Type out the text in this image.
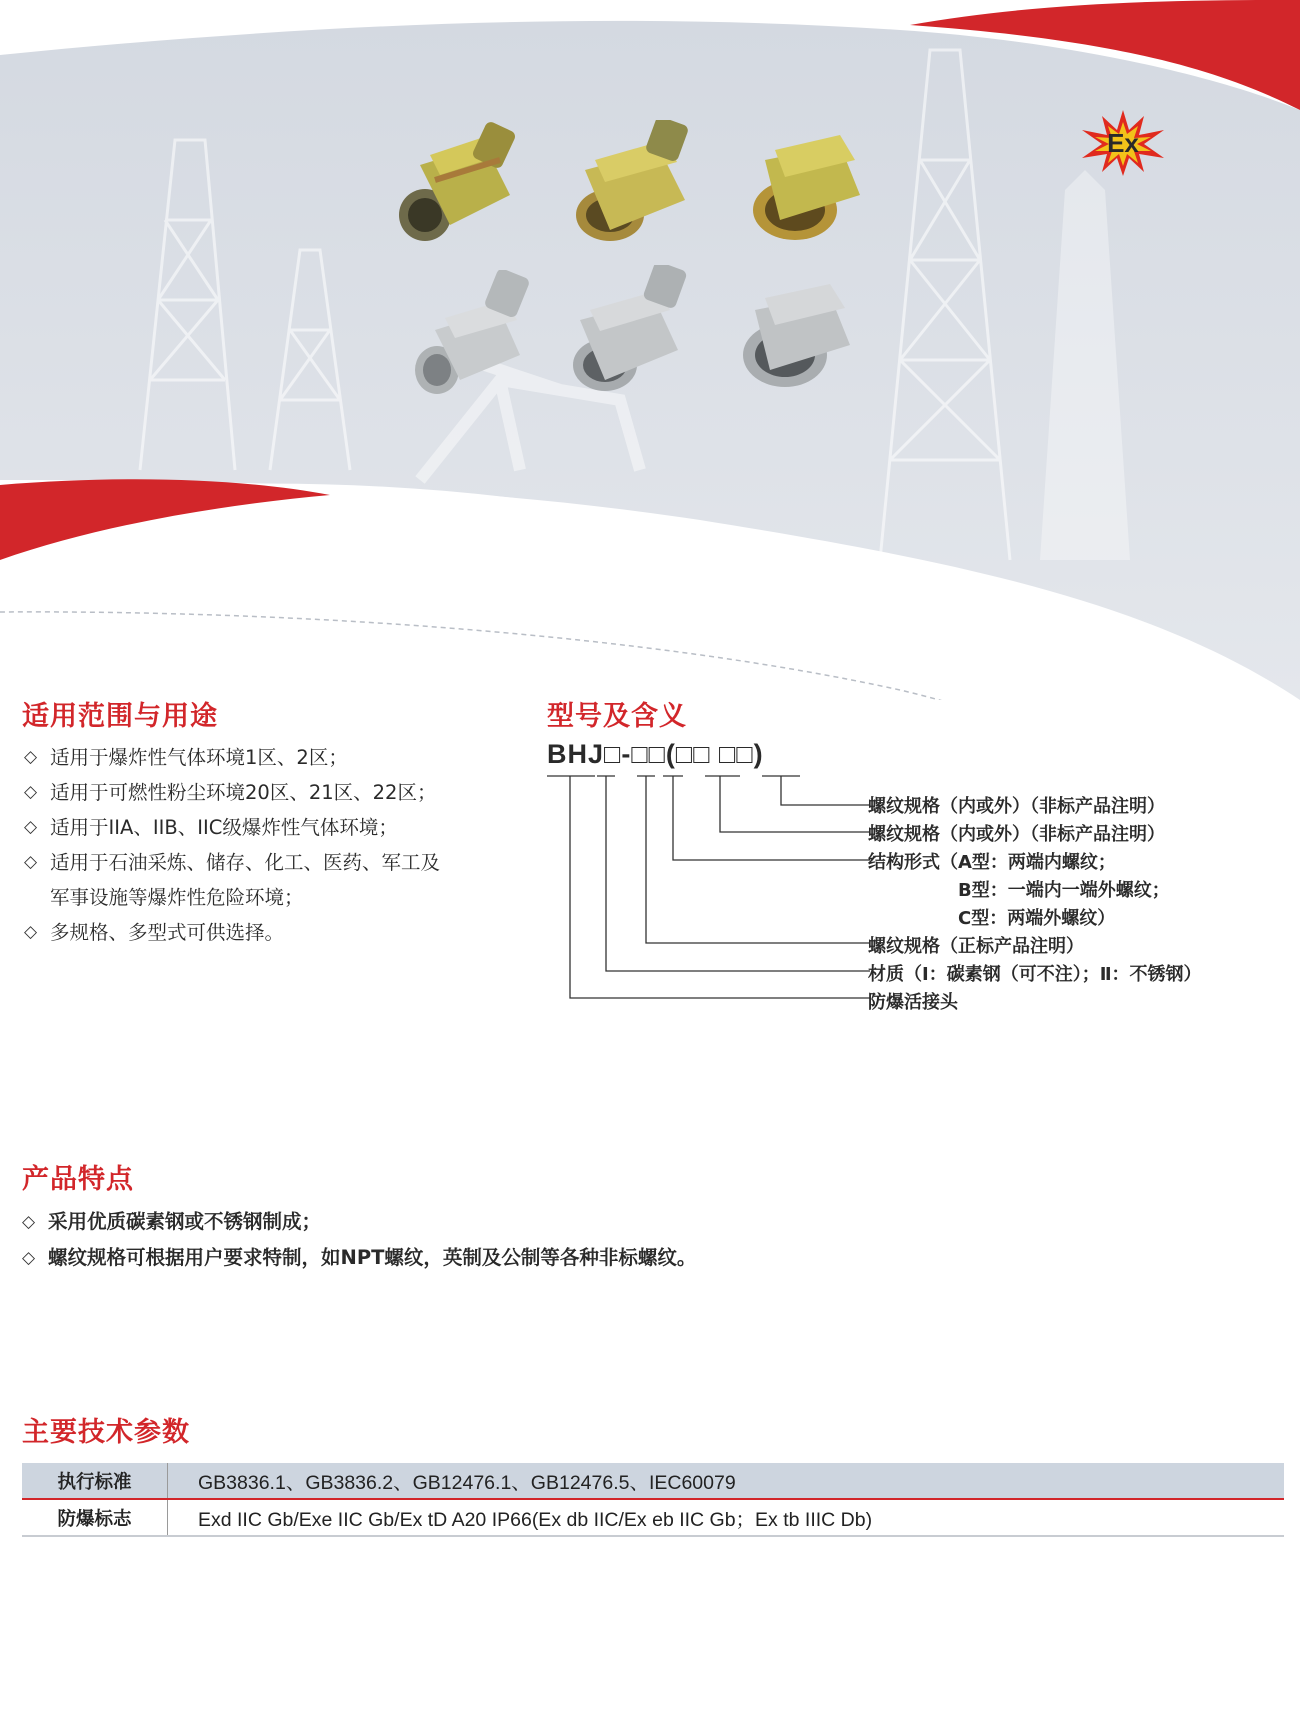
Ex
适用范围与用途
◇ 适用于爆炸性气体环境1区、2区；
◇ 适用于可燃性粉尘环境20区、21区、22区；
◇ 适用于IIA、IIB、IIC级爆炸性气体环境；
◇ 适用于石油采炼、储存、化工、医药、军工及
军事设施等爆炸性危险环境；
◇ 多规格、多型式可供选择。
型号及含义
BHJ□-□□(□□ □□)
螺纹规格（内或外）（非标产品注明）
螺纹规格（内或外）（非标产品注明）
结构形式（A型：两端内螺纹；
B型：一端内一端外螺纹；
C型：两端外螺纹）
螺纹规格（正标产品注明）
材质（Ⅰ：碳素钢（可不注）；Ⅱ：不锈钢）
防爆活接头
产品特点
◇ 采用优质碳素钢或不锈钢制成；
◇ 螺纹规格可根据用户要求特制，如NPT螺纹，英制及公制等各种非标螺纹。
主要技术参数
执行标准	GB3836.1、GB3836.2、GB12476.1、GB12476.5、IEC60079
防爆标志	Exd IIC Gb/Exe IIC Gb/Ex tD A20 IP66(Ex db IIC/Ex eb IIC Gb；Ex tb IIIC Db)
